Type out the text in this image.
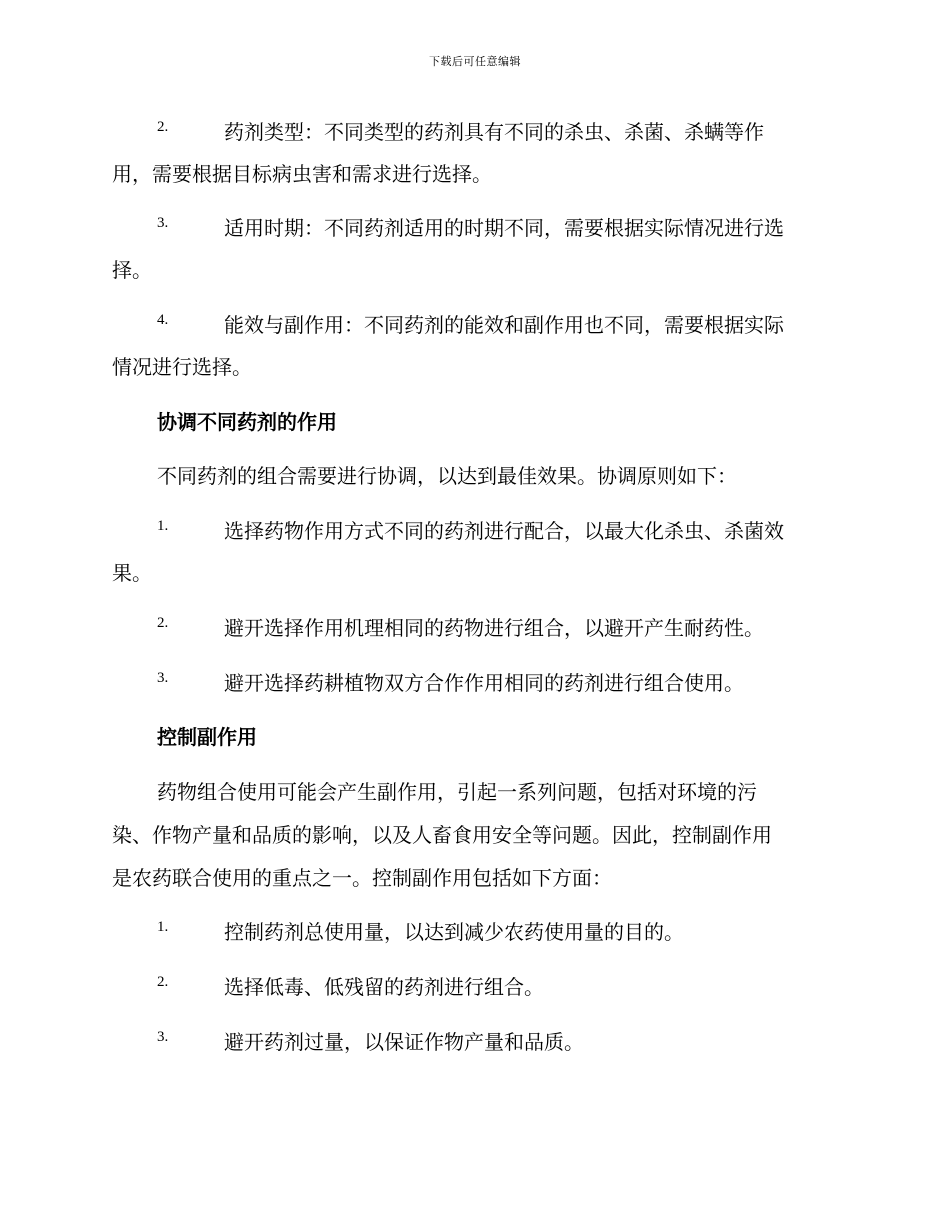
下载后可任意编辑
2.	药剂类型：不同类型的药剂具有不同的杀虫、杀菌、杀螨等作
用，需要根据目标病虫害和需求进行选择。
3.	适用时期：不同药剂适用的时期不同，需要根据实际情况进行选
择。
4.	能效与副作用：不同药剂的能效和副作用也不同，需要根据实际
情况进行选择。
协调不同药剂的作用
不同药剂的组合需要进行协调，以达到最佳效果。协调原则如下：
1.	选择药物作用方式不同的药剂进行配合，以最大化杀虫、杀菌效
果。
2.	避开选择作用机理相同的药物进行组合，以避开产生耐药性。
3.	避开选择药耕植物双方合作作用相同的药剂进行组合使用。
控制副作用
药物组合使用可能会产生副作用，引起一系列问题，包括对环境的污
染、作物产量和品质的影响，以及人畜食用安全等问题。因此，控制副作用
是农药联合使用的重点之一。控制副作用包括如下方面：
1.	控制药剂总使用量，以达到减少农药使用量的目的。
2.	选择低毒、低残留的药剂进行组合。
3.	避开药剂过量，以保证作物产量和品质。
